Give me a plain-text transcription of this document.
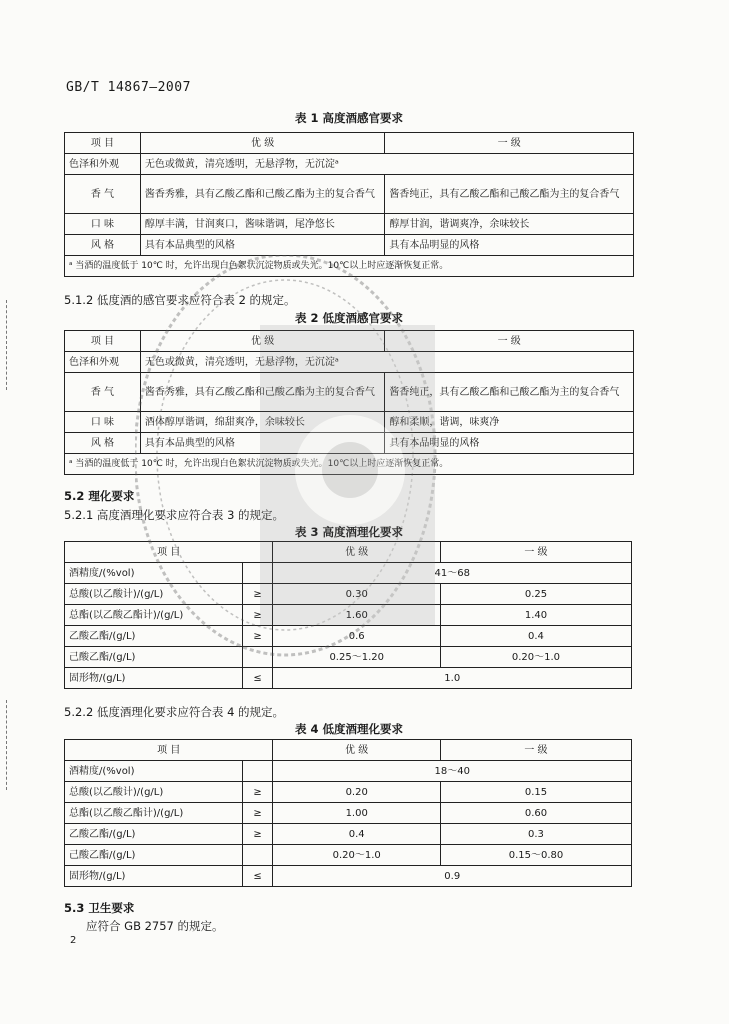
GB/T 14867—2007
表 1 高度酒感官要求
项 目	优 级	一 级
色泽和外观	无色或微黄，清亮透明，无悬浮物，无沉淀ᵃ	
香 气	酱香秀雅，具有乙酸乙酯和己酸乙酯为主的复合香气	酱香纯正，具有乙酸乙酯和己酸乙酯为主的复合香气
口 味	醇厚丰满，甘润爽口，酱味谐调，尾净悠长	醇厚甘润，谐调爽净，余味较长
风 格	具有本品典型的风格	具有本品明显的风格
ᵃ 当酒的温度低于 10℃ 时，允许出现白色絮状沉淀物质或失光。10℃以上时应逐渐恢复正常。		
5.1.2 低度酒的感官要求应符合表 2 的规定。
表 2 低度酒感官要求
项 目	优 级	一 级
色泽和外观	无色或微黄，清亮透明，无悬浮物，无沉淀ᵃ	
香 气	酱香秀雅，具有乙酸乙酯和己酸乙酯为主的复合香气	酱香纯正，具有乙酸乙酯和己酸乙酯为主的复合香气
口 味	酒体醇厚谐调，绵甜爽净，余味较长	醇和柔顺，谐调，味爽净
风 格	具有本品典型的风格	具有本品明显的风格
ᵃ 当酒的温度低于 10℃ 时，允许出现白色絮状沉淀物质或失光。10℃以上时应逐渐恢复正常。		
5.2 理化要求
5.2.1 高度酒理化要求应符合表 3 的规定。
表 3 高度酒理化要求
项 目		优 级	一 级
酒精度/(%vol)		41～68	
总酸(以乙酸计)/(g/L)	≥	0.30	0.25
总酯(以乙酸乙酯计)/(g/L)	≥	1.60	1.40
乙酸乙酯/(g/L)	≥	0.6	0.4
己酸乙酯/(g/L)		0.25～1.20	0.20～1.0
固形物/(g/L)	≤	1.0	
5.2.2 低度酒理化要求应符合表 4 的规定。
表 4 低度酒理化要求
项 目		优 级	一 级
酒精度/(%vol)		18～40	
总酸(以乙酸计)/(g/L)	≥	0.20	0.15
总酯(以乙酸乙酯计)/(g/L)	≥	1.00	0.60
乙酸乙酯/(g/L)	≥	0.4	0.3
己酸乙酯/(g/L)		0.20～1.0	0.15～0.80
固形物/(g/L)	≤	0.9	
5.3 卫生要求
应符合 GB 2757 的规定。
2
